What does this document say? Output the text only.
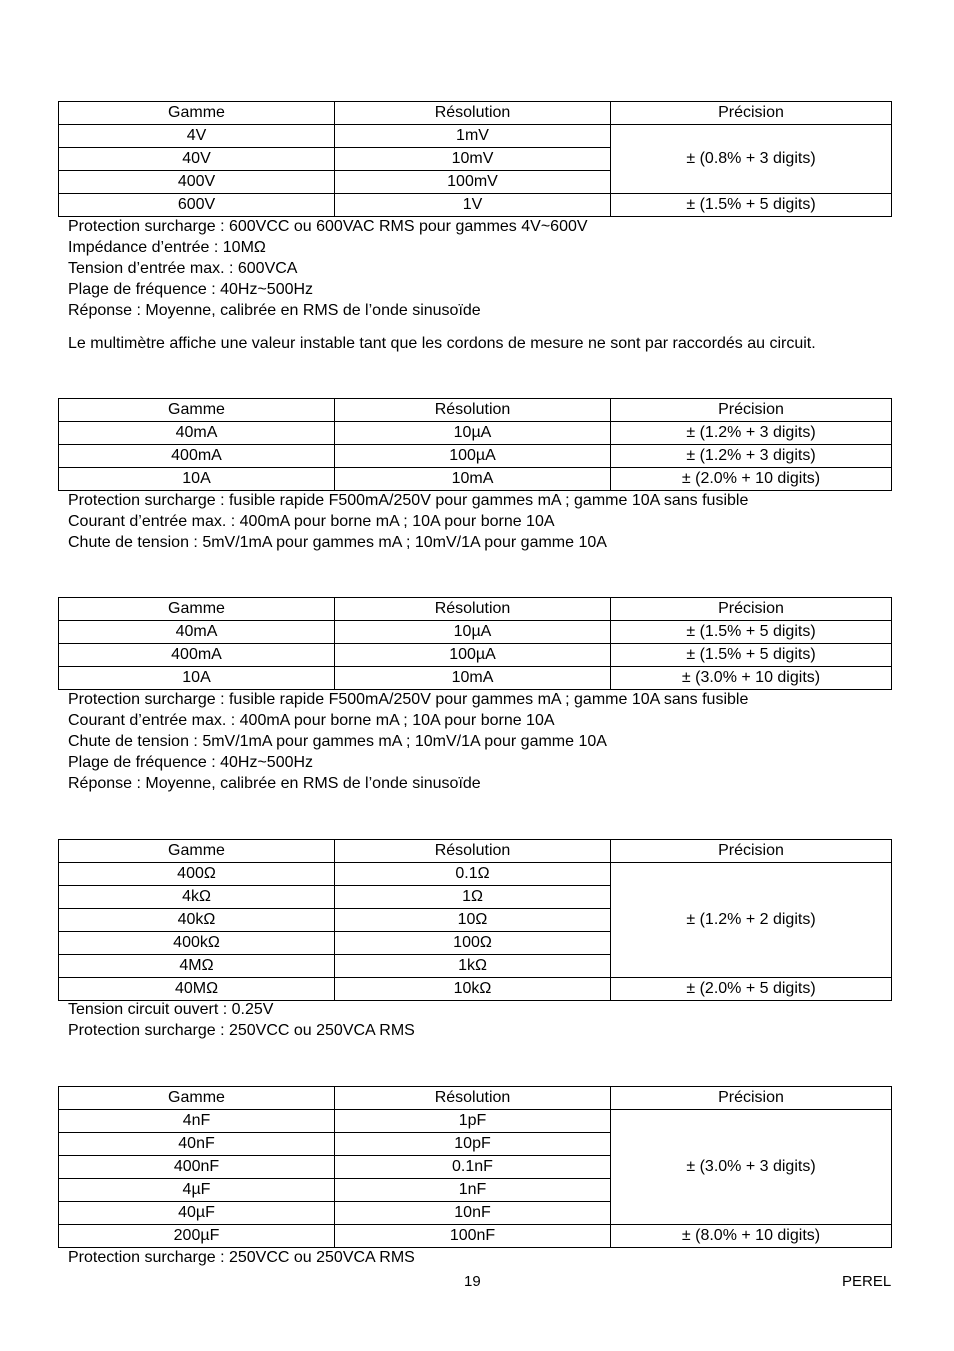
Gamme	Résolution	Précision
4V	1mV	± (0.8% + 3 digits)
40V	10mV	
400V	100mV	
600V	1V	± (1.5% + 5 digits)
Protection surcharge : 600VCC ou 600VAC RMS pour gammes 4V~600V
Impédance d’entrée : 10MΩ
Tension d’entrée max. : 600VCA
Plage de fréquence : 40Hz~500Hz
Réponse : Moyenne, calibrée en RMS de l’onde sinusoïde
Le multimètre affiche une valeur instable tant que les cordons de mesure ne sont par raccordés au circuit.
Gamme	Résolution	Précision
40mA	10µA	± (1.2% + 3 digits)
400mA	100µA	± (1.2% + 3 digits)
10A	10mA	± (2.0% + 10 digits)
Protection surcharge : fusible rapide F500mA/250V pour gammes mA ; gamme 10A sans fusible
Courant d’entrée max. : 400mA pour borne mA ; 10A pour borne 10A
Chute de tension : 5mV/1mA pour gammes mA ; 10mV/1A pour gamme 10A
Gamme	Résolution	Précision
40mA	10µA	± (1.5% + 5 digits)
400mA	100µA	± (1.5% + 5 digits)
10A	10mA	± (3.0% + 10 digits)
Protection surcharge : fusible rapide F500mA/250V pour gammes mA ; gamme 10A sans fusible
Courant d’entrée max. : 400mA pour borne mA ; 10A pour borne 10A
Chute de tension : 5mV/1mA pour gammes mA ; 10mV/1A pour gamme 10A
Plage de fréquence : 40Hz~500Hz
Réponse : Moyenne, calibrée en RMS de l’onde sinusoïde
Gamme	Résolution	Précision
400Ω	0.1Ω	± (1.2% + 2 digits)
4kΩ	1Ω	
40kΩ	10Ω	
400kΩ	100Ω	
4MΩ	1kΩ	
40MΩ	10kΩ	± (2.0% + 5 digits)
Tension circuit ouvert : 0.25V
Protection surcharge : 250VCC ou 250VCA RMS
Gamme	Résolution	Précision
4nF	1pF	± (3.0% + 3 digits)
40nF	10pF	
400nF	0.1nF	
4µF	1nF	
40µF	10nF	
200µF	100nF	± (8.0% + 10 digits)
Protection surcharge : 250VCC ou 250VCA RMS
19	PEREL
